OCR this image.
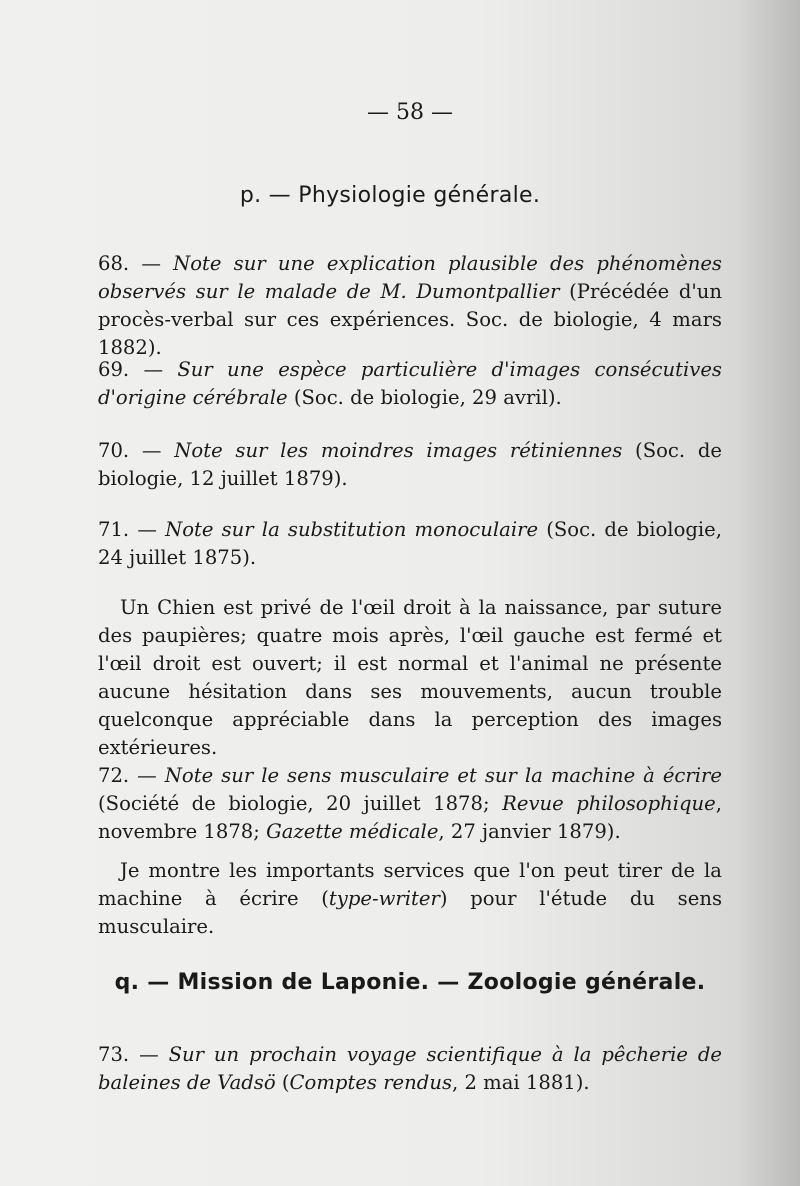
— 58 —
p. — Physiologie générale.
68. — Note sur une explication plausible des phénomènes observés sur le malade de M. Dumontpallier (Précédée d'un procès-verbal sur ces expériences. Soc. de biologie, 4 mars 1882).
69. — Sur une espèce particulière d'images consécutives d'origine cérébrale (Soc. de biologie, 29 avril).
70. — Note sur les moindres images rétiniennes (Soc. de biologie, 12 juillet 1879).
71. — Note sur la substitution monoculaire (Soc. de biologie, 24 juillet 1875).
Un Chien est privé de l'œil droit à la naissance, par suture des paupières; quatre mois après, l'œil gauche est fermé et l'œil droit est ouvert; il est normal et l'animal ne présente aucune hésitation dans ses mouvements, aucun trouble quelconque appréciable dans la perception des images extérieures.
72. — Note sur le sens musculaire et sur la machine à écrire (Société de biologie, 20 juillet 1878; Revue philosophique, novembre 1878; Gazette médicale, 27 janvier 1879).
Je montre les importants services que l'on peut tirer de la machine à écrire (type-writer) pour l'étude du sens musculaire.
q. — Mission de Laponie. — Zoologie générale.
73. — Sur un prochain voyage scientifique à la pêcherie de baleines de Vadsö (Comptes rendus, 2 mai 1881).
